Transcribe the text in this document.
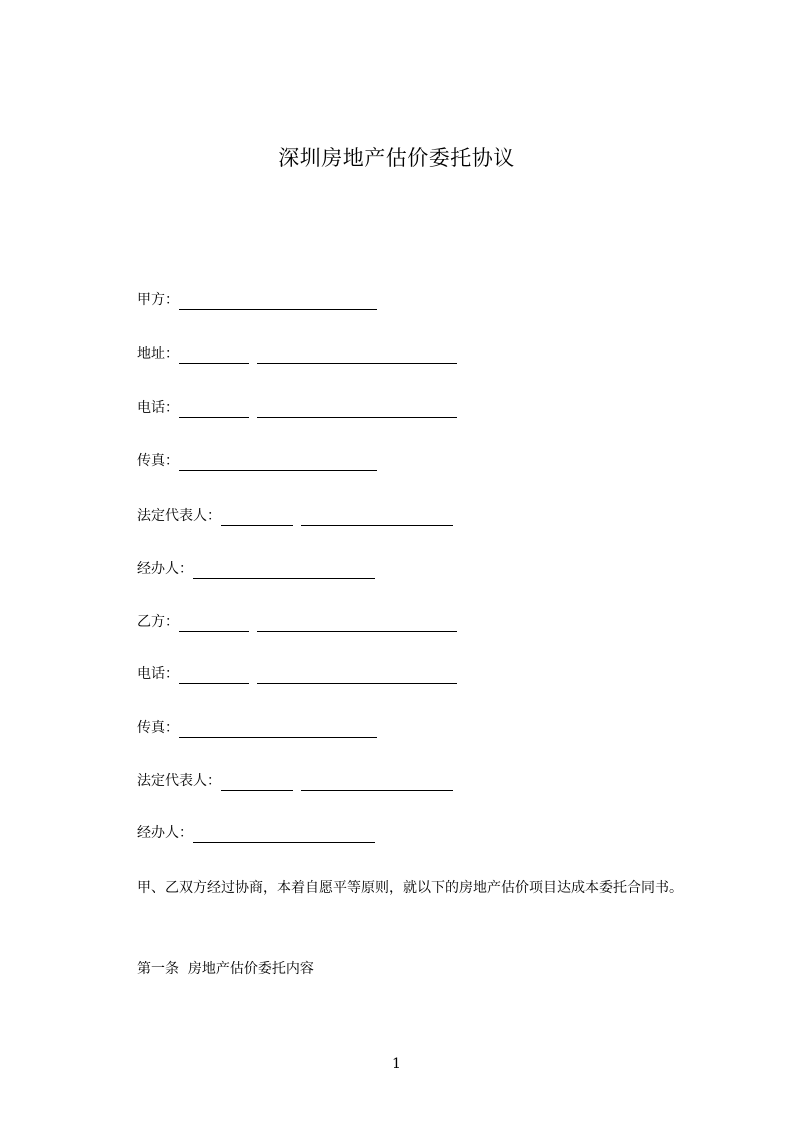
深圳房地产估价委托协议
甲方：
地址：
电话：
传真：
法定代表人：
经办人：
乙方：
电话：
传真：
法定代表人：
经办人：
甲、乙双方经过协商，本着自愿平等原则，就以下的房地产估价项目达成本委托合同书。
第一条  房地产估价委托内容
1
